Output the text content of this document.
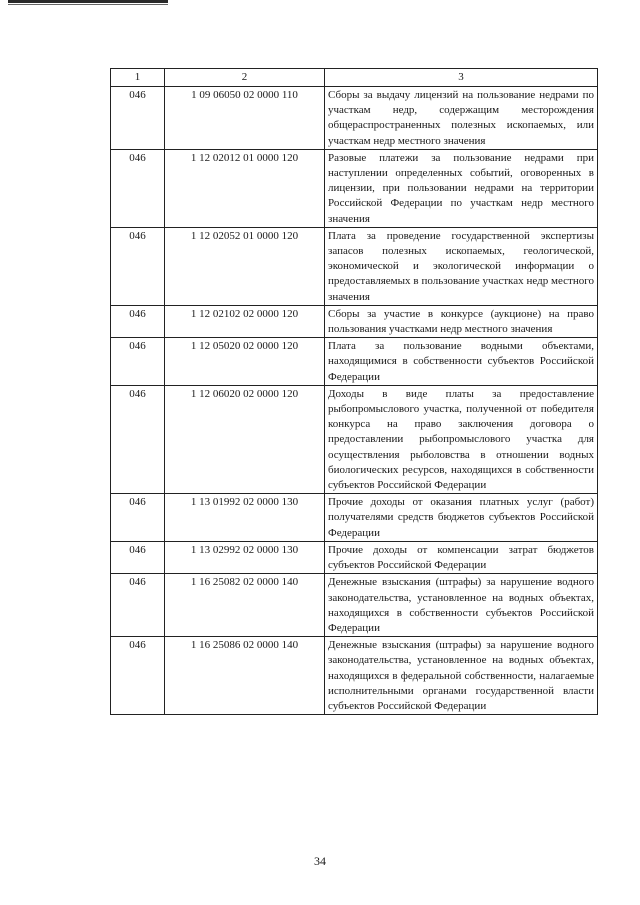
1	2	3
046	1 09 06050 02 0000 110	Сборы за выдачу лицензий на пользование недрами по участкам недр, содержащим месторождения общераспространенных полезных ископаемых, или участкам недр местного значения
046	1 12 02012 01 0000 120	Разовые платежи за пользование недрами при наступлении определенных событий, оговоренных в лицензии, при пользовании недрами на территории Российской Федерации по участкам недр местного значения
046	1 12 02052 01 0000 120	Плата за проведение государственной экспертизы запасов полезных ископаемых, геологической, экономической и экологической информации о предоставляемых в пользование участках недр местного значения
046	1 12 02102 02 0000 120	Сборы за участие в конкурсе (аукционе) на право пользования участками недр местного значения
046	1 12 05020 02 0000 120	Плата за пользование водными объектами, находящимися в собственности субъектов Российской Федерации
046	1 12 06020 02 0000 120	Доходы в виде платы за предоставление рыбопромыслового участка, полученной от победителя конкурса на право заключения договора о предоставлении рыбопромыслового участка для осуществления рыболовства в отношении водных биологических ресурсов, находящихся в собственности субъектов Российской Федерации
046	1 13 01992 02 0000 130	Прочие доходы от оказания платных услуг (работ) получателями средств бюджетов субъектов Российской Федерации
046	1 13 02992 02 0000 130	Прочие доходы от компенсации затрат бюджетов субъектов Российской Федерации
046	1 16 25082 02 0000 140	Денежные взыскания (штрафы) за нарушение водного законодательства, установленное на водных объектах, находящихся в собственности субъектов Российской Федерации
046	1 16 25086 02 0000 140	Денежные взыскания (штрафы) за нарушение водного законодательства, установленное на водных объектах, находящихся в федеральной собственности, налагаемые исполнительными органами государственной власти субъектов Российской Федерации
34
